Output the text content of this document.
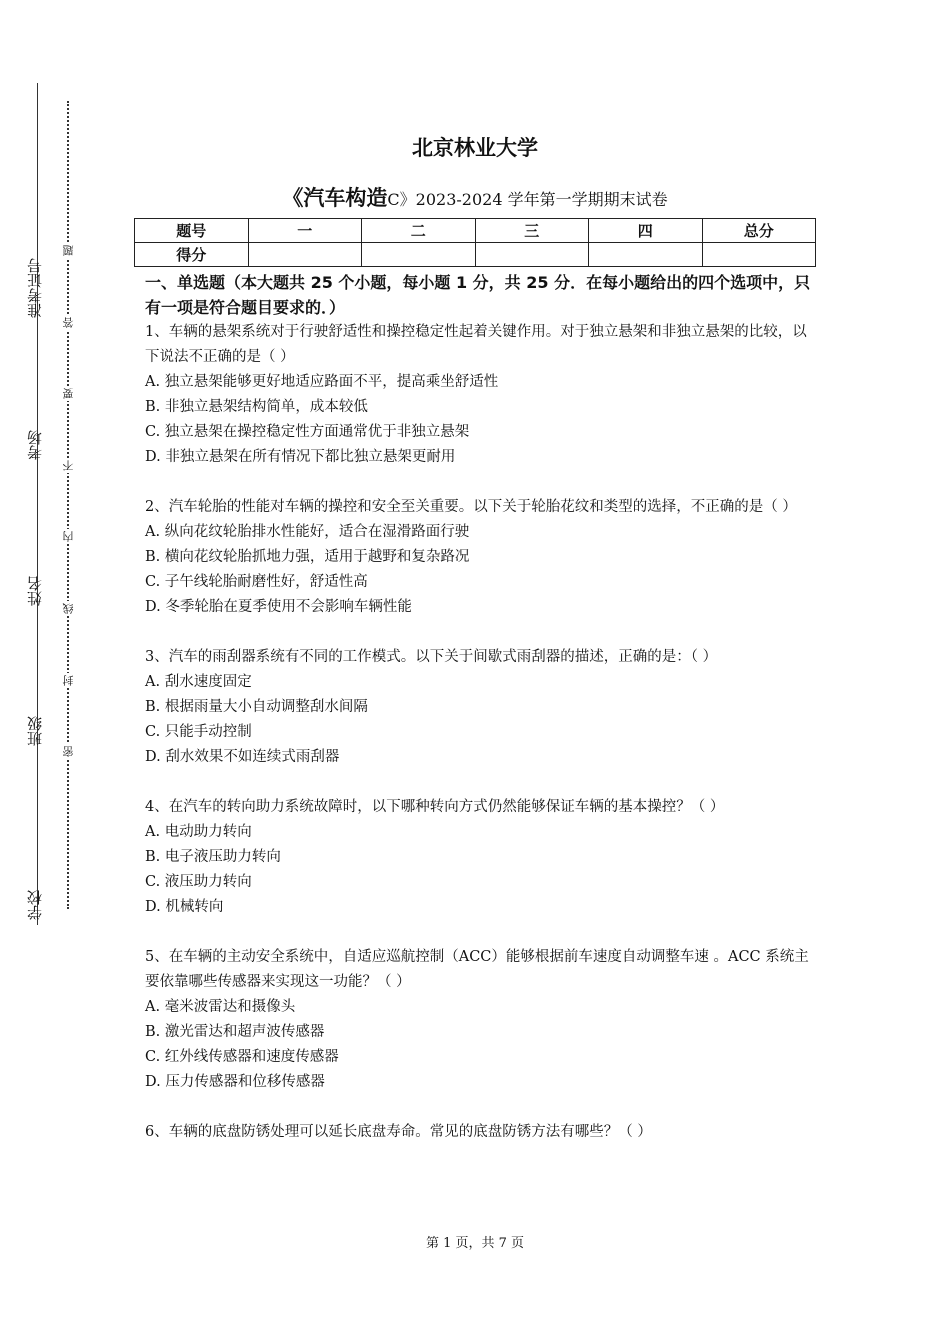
准考证号
考场
姓名
班级
学校
题
答
要
不
内
线
封
密
北京林业大学
《汽车构造C》2023-2024 学年第一学期期末试卷
题号	一	二	三	四	总分
得分					
一、单选题（本大题共 25 个小题，每小题 1 分，共 25 分．在每小题给出的四个选项中，只有一项是符合题目要求的．）
1、车辆的悬架系统对于行驶舒适性和操控稳定性起着关键作用。对于独立悬架和非独立悬架的比较，以下说法不正确的是（ ）
A. 独立悬架能够更好地适应路面不平，提高乘坐舒适性
B. 非独立悬架结构简单，成本较低
C. 独立悬架在操控稳定性方面通常优于非独立悬架
D. 非独立悬架在所有情况下都比独立悬架更耐用
2、汽车轮胎的性能对车辆的操控和安全至关重要。以下关于轮胎花纹和类型的选择，不正确的是（ ）
A. 纵向花纹轮胎排水性能好，适合在湿滑路面行驶
B. 横向花纹轮胎抓地力强，适用于越野和复杂路况
C. 子午线轮胎耐磨性好，舒适性高
D. 冬季轮胎在夏季使用不会影响车辆性能
3、汽车的雨刮器系统有不同的工作模式。以下关于间歇式雨刮器的描述，正确的是：（ ）
A. 刮水速度固定
B. 根据雨量大小自动调整刮水间隔
C. 只能手动控制
D. 刮水效果不如连续式雨刮器
4、在汽车的转向助力系统故障时，以下哪种转向方式仍然能够保证车辆的基本操控？（ ）
A. 电动助力转向
B. 电子液压助力转向
C. 液压助力转向
D. 机械转向
5、在车辆的主动安全系统中，自适应巡航控制（ACC）能够根据前车速度自动调整车速 。ACC 系统主要依靠哪些传感器来实现这一功能？（ ）
A. 毫米波雷达和摄像头
B. 激光雷达和超声波传感器
C. 红外线传感器和速度传感器
D. 压力传感器和位移传感器
6、车辆的底盘防锈处理可以延长底盘寿命。常见的底盘防锈方法有哪些？（ ）
第 1 页，共 7 页
